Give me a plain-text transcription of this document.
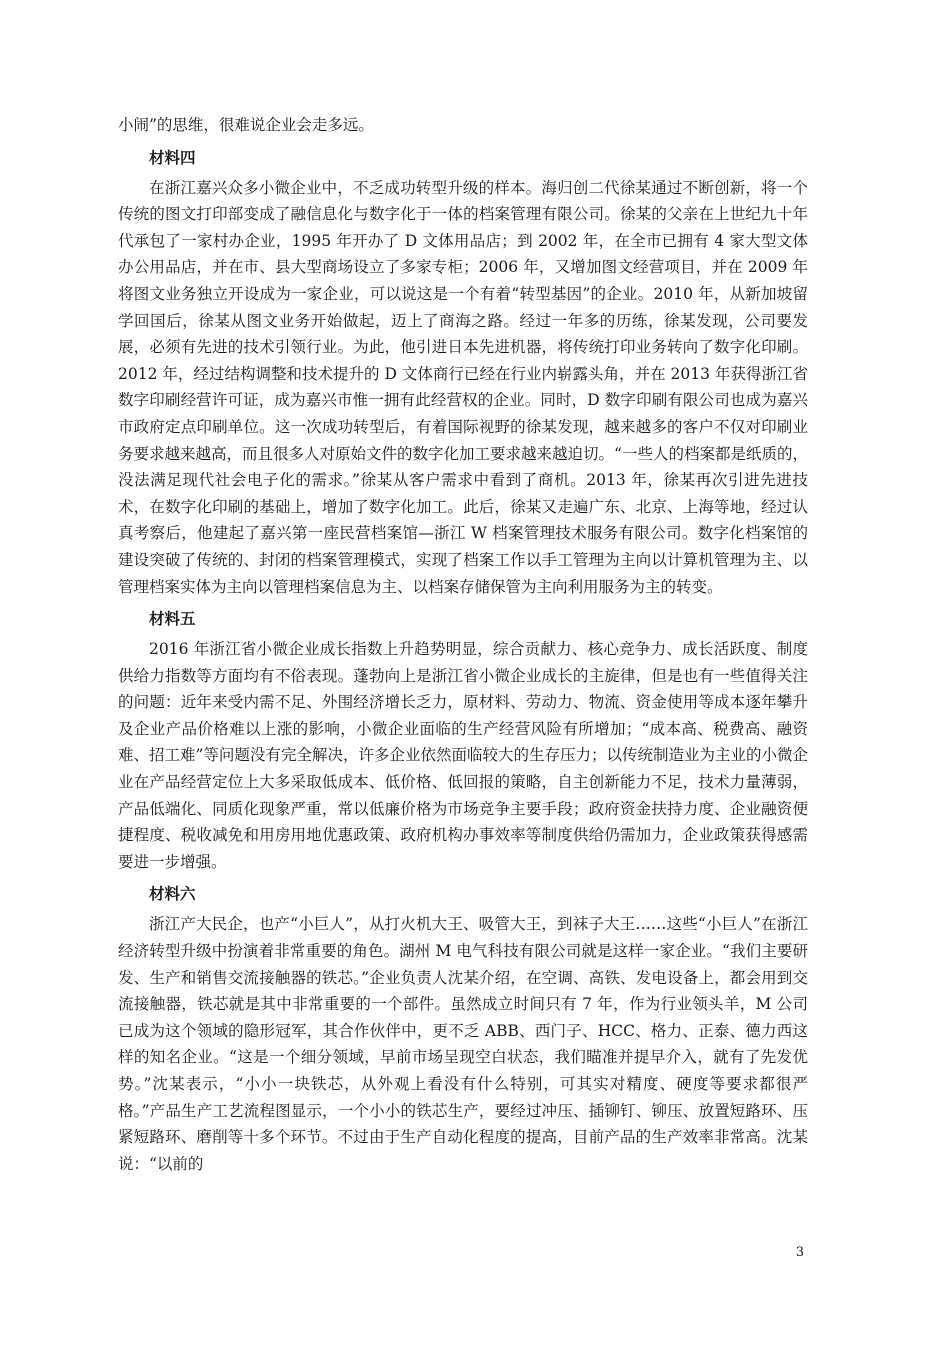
小闹”的思维，很难说企业会走多远。

材料四

在浙江嘉兴众多小微企业中，不乏成功转型升级的样本。海归创二代徐某通过不断创新，将一个传统的图文打印部变成了融信息化与数字化于一体的档案管理有限公司。徐某的父亲在上世纪九十年代承包了一家村办企业，1995 年开办了 D 文体用品店；到 2002 年，在全市已拥有 4 家大型文体办公用品店，并在市、县大型商场设立了多家专柜；2006 年，又增加图文经营项目，并在 2009 年将图文业务独立开设成为一家企业，可以说这是一个有着“转型基因”的企业。2010 年，从新加坡留学回国后，徐某从图文业务开始做起，迈上了商海之路。经过一年多的历练，徐某发现，公司要发展，必须有先进的技术引领行业。为此，他引进日本先进机器，将传统打印业务转向了数字化印刷。2012 年，经过结构调整和技术提升的 D 文体商行已经在行业内崭露头角，并在 2013 年获得浙江省数字印刷经营许可证，成为嘉兴市惟一拥有此经营权的企业。同时，D 数字印刷有限公司也成为嘉兴市政府定点印刷单位。这一次成功转型后，有着国际视野的徐某发现，越来越多的客户不仅对印刷业务要求越来越高，而且很多人对原始文件的数字化加工要求越来越迫切。“一些人的档案都是纸质的，没法满足现代社会电子化的需求。”徐某从客户需求中看到了商机。2013 年，徐某再次引进先进技术，在数字化印刷的基础上，增加了数字化加工。此后，徐某又走遍广东、北京、上海等地，经过认真考察后，他建起了嘉兴第一座民营档案馆—浙江 W 档案管理技术服务有限公司。数字化档案馆的建设突破了传统的、封闭的档案管理模式，实现了档案工作以手工管理为主向以计算机管理为主、以管理档案实体为主向以管理档案信息为主、以档案存储保管为主向利用服务为主的转变。

材料五

2016 年浙江省小微企业成长指数上升趋势明显，综合贡献力、核心竞争力、成长活跃度、制度供给力指数等方面均有不俗表现。蓬勃向上是浙江省小微企业成长的主旋律，但是也有一些值得关注的问题：近年来受内需不足、外围经济增长乏力，原材料、劳动力、物流、资金使用等成本逐年攀升及企业产品价格难以上涨的影响，小微企业面临的生产经营风险有所增加；“成本高、税费高、融资难、招工难”等问题没有完全解决，许多企业依然面临较大的生存压力；以传统制造业为主业的小微企业在产品经营定位上大多采取低成本、低价格、低回报的策略，自主创新能力不足，技术力量薄弱，产品低端化、同质化现象严重，常以低廉价格为市场竞争主要手段；政府资金扶持力度、企业融资便捷程度、税收减免和用房用地优惠政策、政府机构办事效率等制度供给仍需加力，企业政策获得感需要进一步增强。

材料六

浙江产大民企，也产“小巨人”，从打火机大王、吸管大王，到袜子大王……这些“小巨人”在浙江经济转型升级中扮演着非常重要的角色。湖州 M 电气科技有限公司就是这样一家企业。“我们主要研发、生产和销售交流接触器的铁芯。”企业负责人沈某介绍，在空调、高铁、发电设备上，都会用到交流接触器，铁芯就是其中非常重要的一个部件。虽然成立时间只有 7 年，作为行业领头羊，M 公司已成为这个领域的隐形冠军，其合作伙伴中，更不乏 ABB、西门子、HCC、格力、正泰、德力西这样的知名企业。“这是一个细分领域，早前市场呈现空白状态，我们瞄准并提早介入，就有了先发优势。”沈某表示，“小小一块铁芯，从外观上看没有什么特别，可其实对精度、硬度等要求都很严格。”产品生产工艺流程图显示，一个小小的铁芯生产，要经过冲压、插铆钉、铆压、放置短路环、压紧短路环、磨削等十多个环节。不过由于生产自动化程度的提高，目前产品的生产效率非常高。沈某说：“以前的

3
